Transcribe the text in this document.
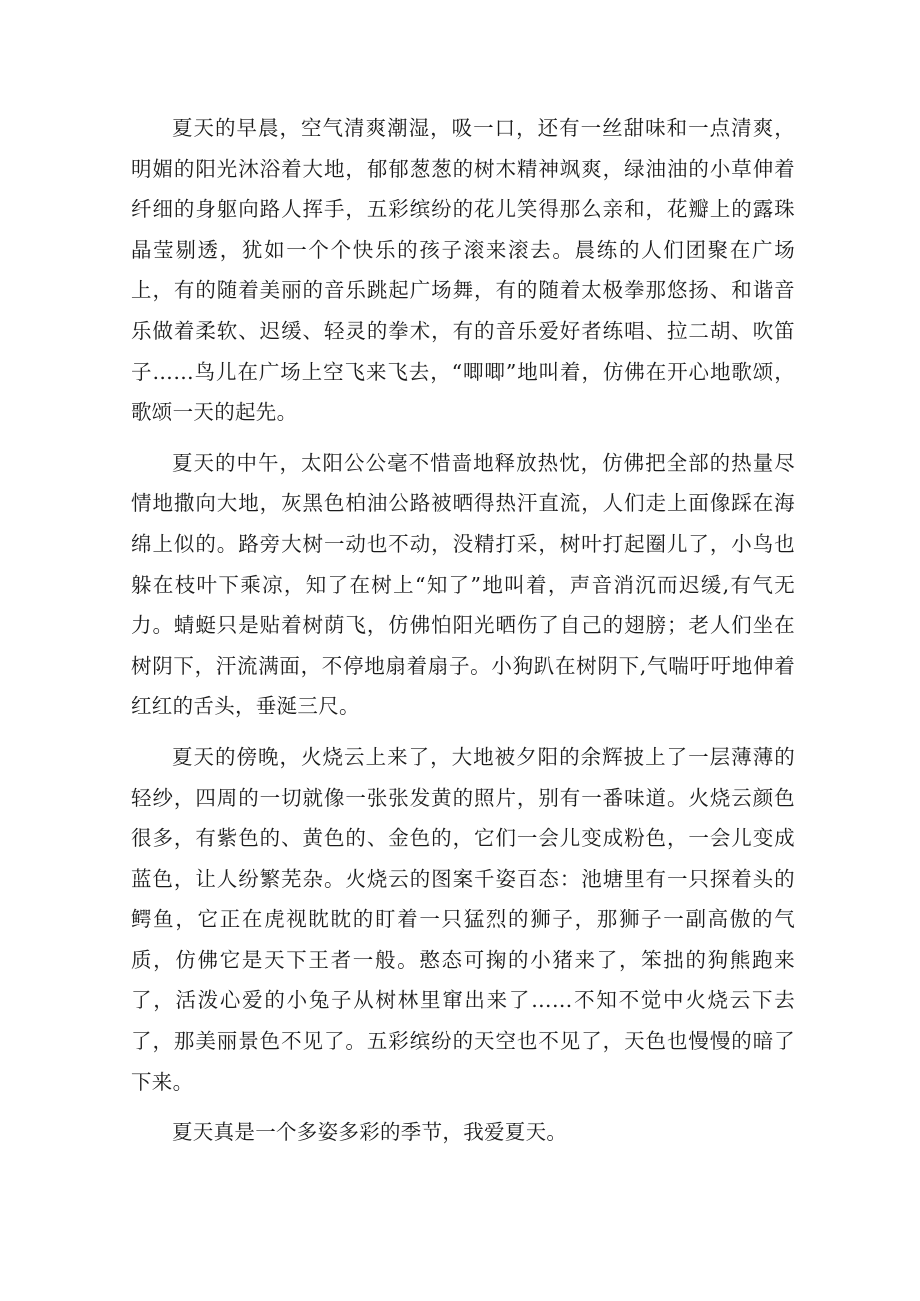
夏天的早晨，空气清爽潮湿，吸一口，还有一丝甜味和一点清爽，明媚的阳光沐浴着大地，郁郁葱葱的树木精神飒爽，绿油油的小草伸着纤细的身躯向路人挥手，五彩缤纷的花儿笑得那么亲和，花瓣上的露珠晶莹剔透，犹如一个个快乐的孩子滚来滚去。晨练的人们团聚在广场上，有的随着美丽的音乐跳起广场舞，有的随着太极拳那悠扬、和谐音乐做着柔软、迟缓、轻灵的拳术，有的音乐爱好者练唱、拉二胡、吹笛子……鸟儿在广场上空飞来飞去，“唧唧”地叫着，仿佛在开心地歌颂，歌颂一天的起先。

夏天的中午，太阳公公毫不惜啬地释放热忱，仿佛把全部的热量尽情地撒向大地，灰黑色柏油公路被晒得热汗直流，人们走上面像踩在海绵上似的。路旁大树一动也不动，没精打采，树叶打起圈儿了，小鸟也躲在枝叶下乘凉，知了在树上“知了”地叫着，声音消沉而迟缓,有气无力。蜻蜓只是贴着树荫飞，仿佛怕阳光晒伤了自己的翅膀；老人们坐在树阴下，汗流满面，不停地扇着扇子。小狗趴在树阴下,气喘吁吁地伸着红红的舌头，垂涎三尺。

夏天的傍晚，火烧云上来了，大地被夕阳的余辉披上了一层薄薄的轻纱，四周的一切就像一张张发黄的照片，别有一番味道。火烧云颜色很多，有紫色的、黄色的、金色的，它们一会儿变成粉色，一会儿变成蓝色，让人纷繁芜杂。火烧云的图案千姿百态：池塘里有一只探着头的鳄鱼，它正在虎视眈眈的盯着一只猛烈的狮子，那狮子一副高傲的气质，仿佛它是天下王者一般。憨态可掬的小猪来了，笨拙的狗熊跑来了，活泼心爱的小兔子从树林里窜出来了……不知不觉中火烧云下去了，那美丽景色不见了。五彩缤纷的天空也不见了，天色也慢慢的暗了下来。

夏天真是一个多姿多彩的季节，我爱夏天。
